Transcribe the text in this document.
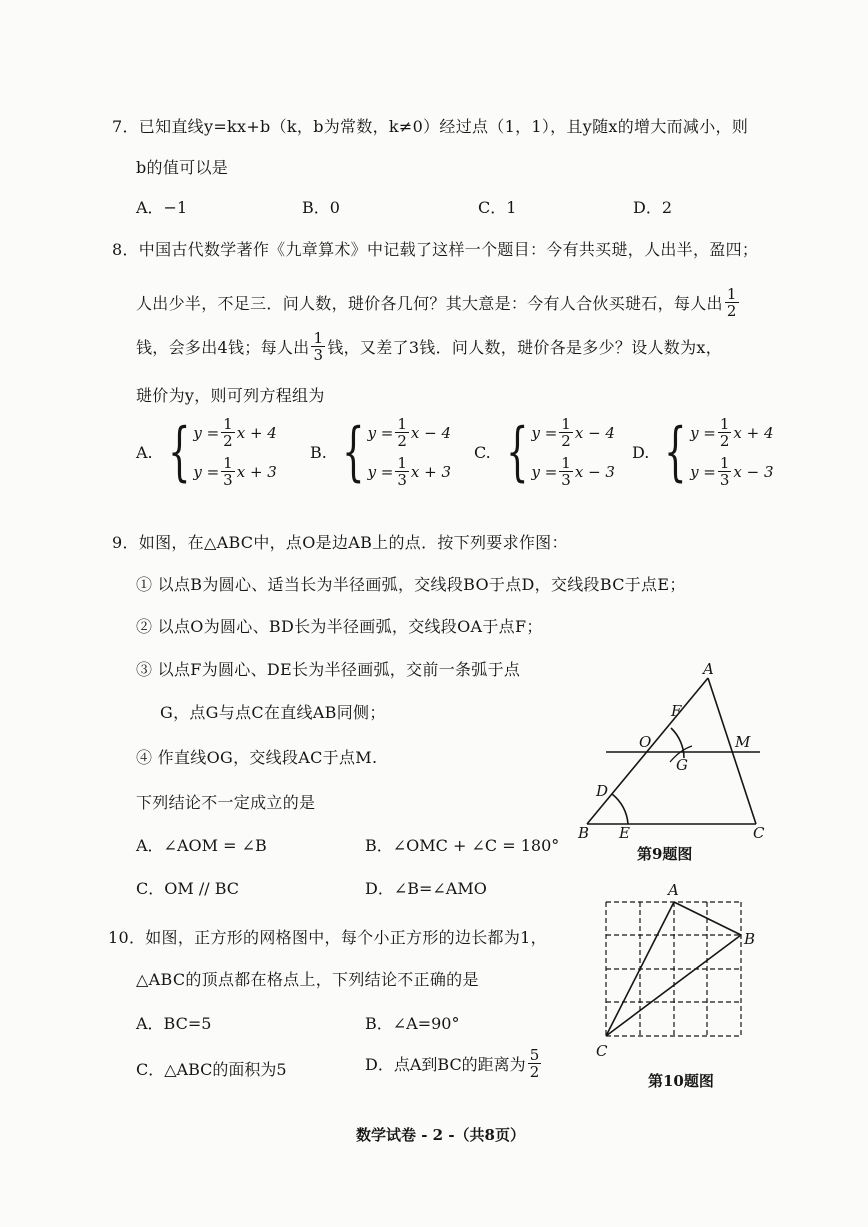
7．已知直线y=kx+b（k，b为常数，k≠0）经过点（1，1），且y随x的增大而减小，则
b的值可以是
A．−1	B．0	C．1	D．2
8．中国古代数学著作《九章算术》中记载了这样一个题目：今有共买琎，人出半，盈四；
人出少半，不足三．问人数，琎价各几何？其大意是：今有人合伙买琎石，每人出 $\frac{1}{2}$
钱，会多出4钱；每人出 $\frac{1}{3}$ 钱，又差了3钱．问人数，琎价各是多少？设人数为x，
琎价为y，则可列方程组为
A. { $y = \frac{1}{2}$ x + 4
$y = \frac{1}{3}$ x + 3
B. { $y = \frac{1}{2}$ x − 4
$y = \frac{1}{3}$ x + 3
C. { $y = \frac{1}{2}$ x − 4
$y = \frac{1}{3}$ x − 3
D. { $y = \frac{1}{2}$ x + 4
$y = \frac{1}{3}$ x − 3
9．如图，在△ABC中，点O是边AB上的点．按下列要求作图：
① 以点B为圆心、适当长为半径画弧，交线段BO于点D，交线段BC于点E；
② 以点O为圆心、BD长为半径画弧，交线段OA于点F；
③ 以点F为圆心、DE长为半径画弧，交前一条弧于点
G，点G与点C在直线AB同侧；
④ 作直线OG，交线段AC于点M.
下列结论不一定成立的是
A．∠AOM = ∠B	B．∠OMC + ∠C = 180°
C．OM // BC	D．∠B=∠AMO
A
F
O	M
G
D
B E	C
第9题图
10．如图，正方形的网格图中，每个小正方形的边长都为1，
△ABC的顶点都在格点上，下列结论不正确的是
A．BC=5	B．∠A=90°
C．△ABC的面积为5	D．点A到BC的距离为 $\frac{5}{2}$
A
B
C
第10题图
数学试卷 - 2 -（共8页）
